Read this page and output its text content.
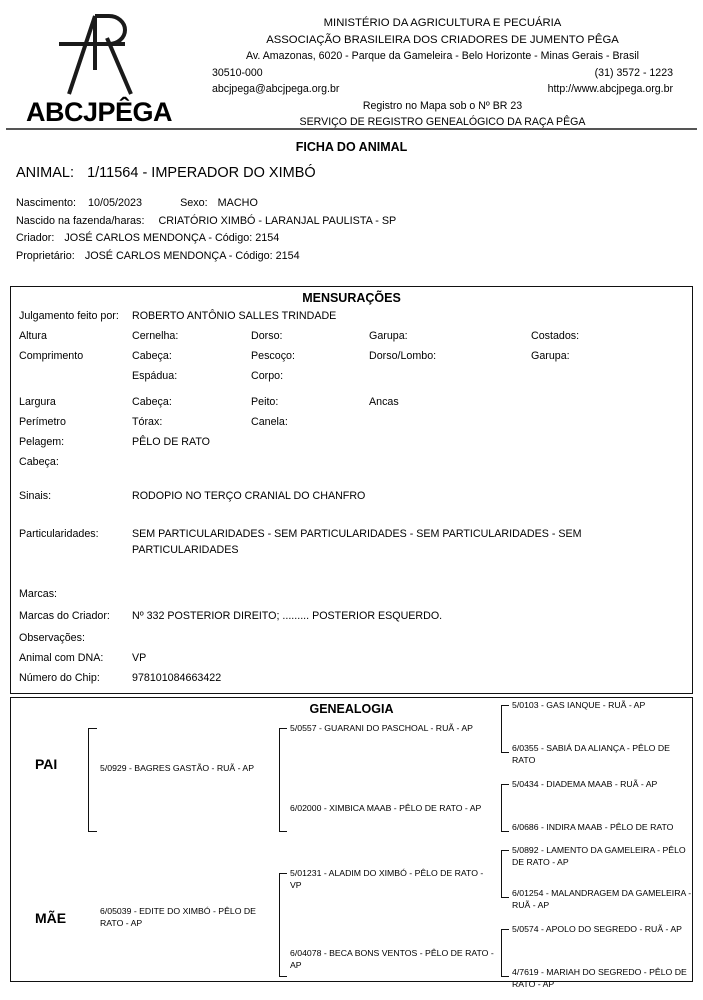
ABCJPÊGA
MINISTÉRIO DA AGRICULTURA E PECUÁRIA
ASSOCIAÇÃO BRASILEIRA DOS CRIADORES DE JUMENTO PÊGA
Av. Amazonas, 6020 - Parque da Gameleira - Belo Horizonte - Minas Gerais - Brasil
30510-000	(31) 3572 - 1223
abcjpega@abcjpega.org.br	http://www.abcjpega.org.br
Registro no Mapa sob o Nº BR 23
SERVIÇO DE REGISTRO GENEALÓGICO DA RAÇA PÊGA
FICHA DO ANIMAL
ANIMAL: 1/11564 - IMPERADOR DO XIMBÓ
Nascimento: 10/05/2023	Sexo: MACHO
Nascido na fazenda/haras: CRIATÓRIO XIMBÓ - LARANJAL PAULISTA - SP
Criador: JOSÉ CARLOS MENDONÇA - Código: 2154
Proprietário: JOSÉ CARLOS MENDONÇA - Código: 2154
MENSURAÇÕES
Julgamento feito por: ROBERTO ANTÔNIO SALLES TRINDADE
Altura	Cernelha:	Dorso:	Garupa:	Costados:
Comprimento	Cabeça:	Pescoço:	Dorso/Lombo:	Garupa:
Espádua:	Corpo:
Largura	Cabeça:	Peito:	Ancas
Perímetro	Tórax:	Canela:
Pelagem:	PÊLO DE RATO
Cabeça:
Sinais:	RODOPIO NO TERÇO CRANIAL DO CHANFRO
Particularidades:	SEM PARTICULARIDADES - SEM PARTICULARIDADES - SEM PARTICULARIDADES - SEM PARTICULARIDADES
Marcas:
Marcas do Criador: Nº 332 POSTERIOR DIREITO; ......... POSTERIOR ESQUERDO.
Observações:
Animal com DNA:	VP
Número do Chip:	978101084663422
GENEALOGIA
PAI	5/0929 - BAGRES GASTÃO - RUÃ - AP
5/0557 - GUARANI DO PASCHOAL - RUÃ - AP
6/02000 - XIMBICA MAAB - PÊLO DE RATO - AP
5/0103 - GAS IANQUE - RUÃ - AP
6/0355 - SABIÁ DA ALIANÇA - PÊLO DE RATO
5/0434 - DIADEMA MAAB - RUÃ - AP
6/0686 - INDIRA MAAB - PÊLO DE RATO
MÃE	6/05039 - EDITE DO XIMBÓ - PÊLO DE RATO - AP
5/01231 - ALADIM DO XIMBÓ - PÊLO DE RATO - VP
6/04078 - BECA BONS VENTOS - PÊLO DE RATO - AP
5/0892 - LAMENTO DA GAMELEIRA - PÊLO DE RATO - AP
6/01254 - MALANDRAGEM DA GAMELEIRA - RUÃ - AP
5/0574 - APOLO DO SEGREDO - RUÃ - AP
4/7619 - MARIAH DO SEGREDO - PÊLO DE RATO - AP
